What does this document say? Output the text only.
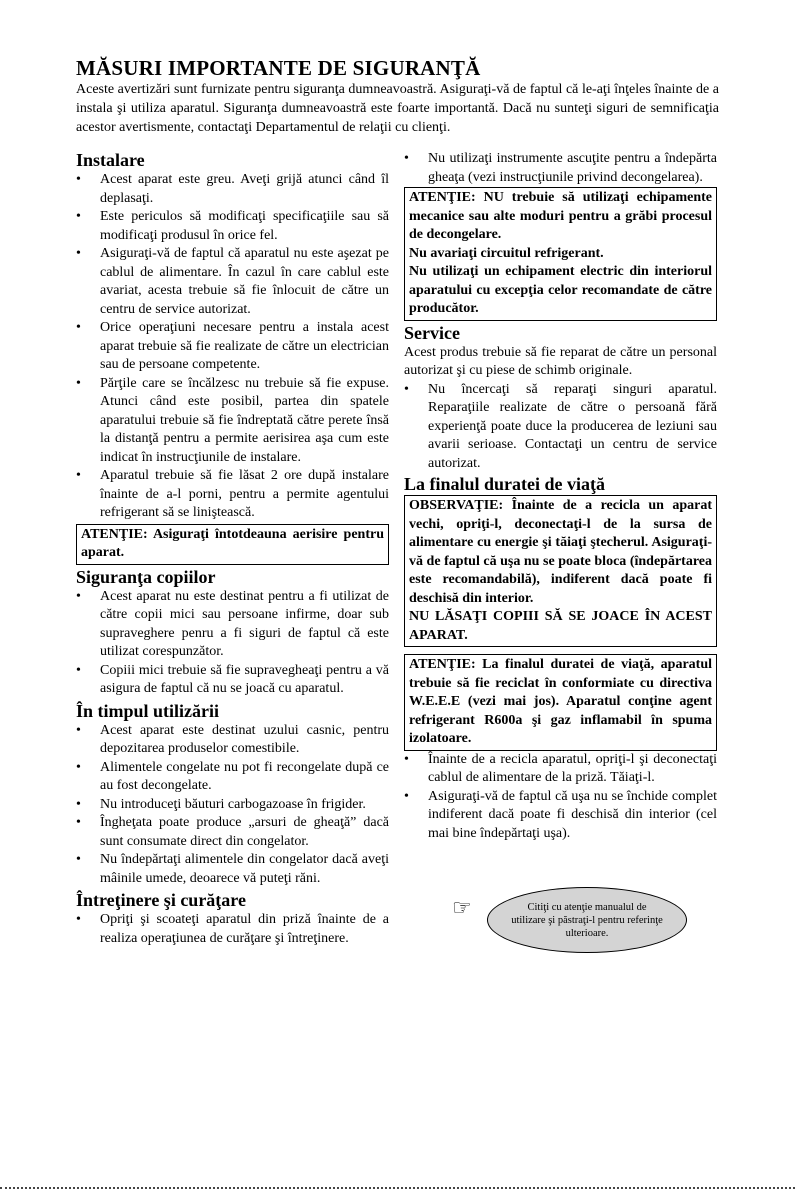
MĂSURI IMPORTANTE DE SIGURANŢĂ

Aceste avertizări sunt furnizate pentru siguranţa dumneavoastră. Asiguraţi-vă de faptul că le-aţi înţeles înainte de a instala şi utiliza aparatul. Siguranţa dumneavoastră este foarte importantă. Dacă nu sunteţi siguri de semnificaţia acestor avertismente, contactaţi Departamentul de relaţii cu clienţi.

Instalare
• Acest aparat este greu. Aveţi grijă atunci când îl deplasaţi.
• Este periculos să modificaţi specificaţiile sau să modificaţi produsul în orice fel.
• Asiguraţi-vă de faptul că aparatul nu este aşezat pe cablul de alimentare. În cazul în care cablul este avariat, acesta trebuie să fie înlocuit de către un centru de service autorizat.
• Orice operaţiuni necesare pentru a instala acest aparat trebuie să fie realizate de către un electrician sau de persoane competente.
• Părţile care se încălzesc nu trebuie să fie expuse. Atunci când este posibil, partea din spatele aparatului trebuie să fie îndreptată către perete însă la distanţă pentru a permite aerisirea aşa cum este indicat în instrucţiunile de instalare.
• Aparatul trebuie să fie lăsat 2 ore după instalare înainte de a-l porni, pentru a permite agentului refrigerant să se liniştească.

ATENŢIE: Asiguraţi întotdeauna aerisire pentru aparat.

Siguranţa copiilor
• Acest aparat nu este destinat pentru a fi utilizat de către copii mici sau persoane infirme, doar sub supraveghere penru a fi siguri de faptul că este utilizat corespunzător.
• Copiii mici trebuie să fie supravegheaţi pentru a vă asigura de faptul că nu se joacă cu aparatul.
În timpul utilizării
• Acest aparat este destinat uzului casnic, pentru depozitarea produselor comestibile.
• Alimentele congelate nu pot fi recongelate după ce au fost decongelate.
• Nu introduceţi băuturi carbogazoase în frigider.
• Îngheţata poate produce „arsuri de gheaţă” dacă sunt consumate direct din congelator.
• Nu îndepărtaţi alimentele din congelator dacă aveţi mâinile umede, deoarece vă puteţi răni.
Întreţinere şi curăţare
• Opriţi şi scoateţi aparatul din priză înainte de a realiza operaţiunea de curăţare şi întreţinere.
• Nu utilizaţi instrumente ascuţite pentru a îndepărta gheaţa (vezi instrucţiunile privind decongelarea).

ATENŢIE: NU trebuie să utilizaţi echipamente mecanice sau alte moduri pentru a grăbi procesul de decongelare.

Nu avariaţi circuitul refrigerant.

Nu utilizaţi un echipament electric din interiorul aparatului cu excepţia celor recomandate de către producător.

Service

Acest produs trebuie să fie reparat de către un personal autorizat şi cu piese de schimb originale.

• Nu încercaţi să reparaţi singuri aparatul. Reparaţiile realizate de către o persoană fără experienţă poate duce la producerea de leziuni sau avarii serioase. Contactaţi un centru de service autorizat.
La finalul duratei de viaţă

OBSERVAŢIE: Înainte de a recicla un aparat vechi, opriţi-l, deconectaţi-l de la sursa de alimentare cu energie şi tăiaţi ştecherul. Asiguraţi-vă de faptul că uşa nu se poate bloca (îndepărtarea este recomandabilă), indiferent dacă poate fi deschisă din interior.

NU LĂSAŢI COPIII SĂ SE JOACE ÎN ACEST APARAT.

ATENŢIE: La finalul duratei de viaţă, aparatul trebuie să fie reciclat în conformiate cu directiva W.E.E.E (vezi mai jos). Aparatul conţine agent refrigerant R600a şi gaz inflamabil în spuma izolatoare.

• Înainte de a recicla aparatul, opriţi-l şi deconectaţi cablul de alimentare de la priză. Tăiaţi-l.
• Asiguraţi-vă de faptul că uşa nu se închide complet indiferent dacă poate fi deschisă din interior (cel mai bine îndepărtaţi uşa).
☞	Citiţi cu atenţie manualul de utilizare şi păstraţi-l pentru referinţe ulterioare.
